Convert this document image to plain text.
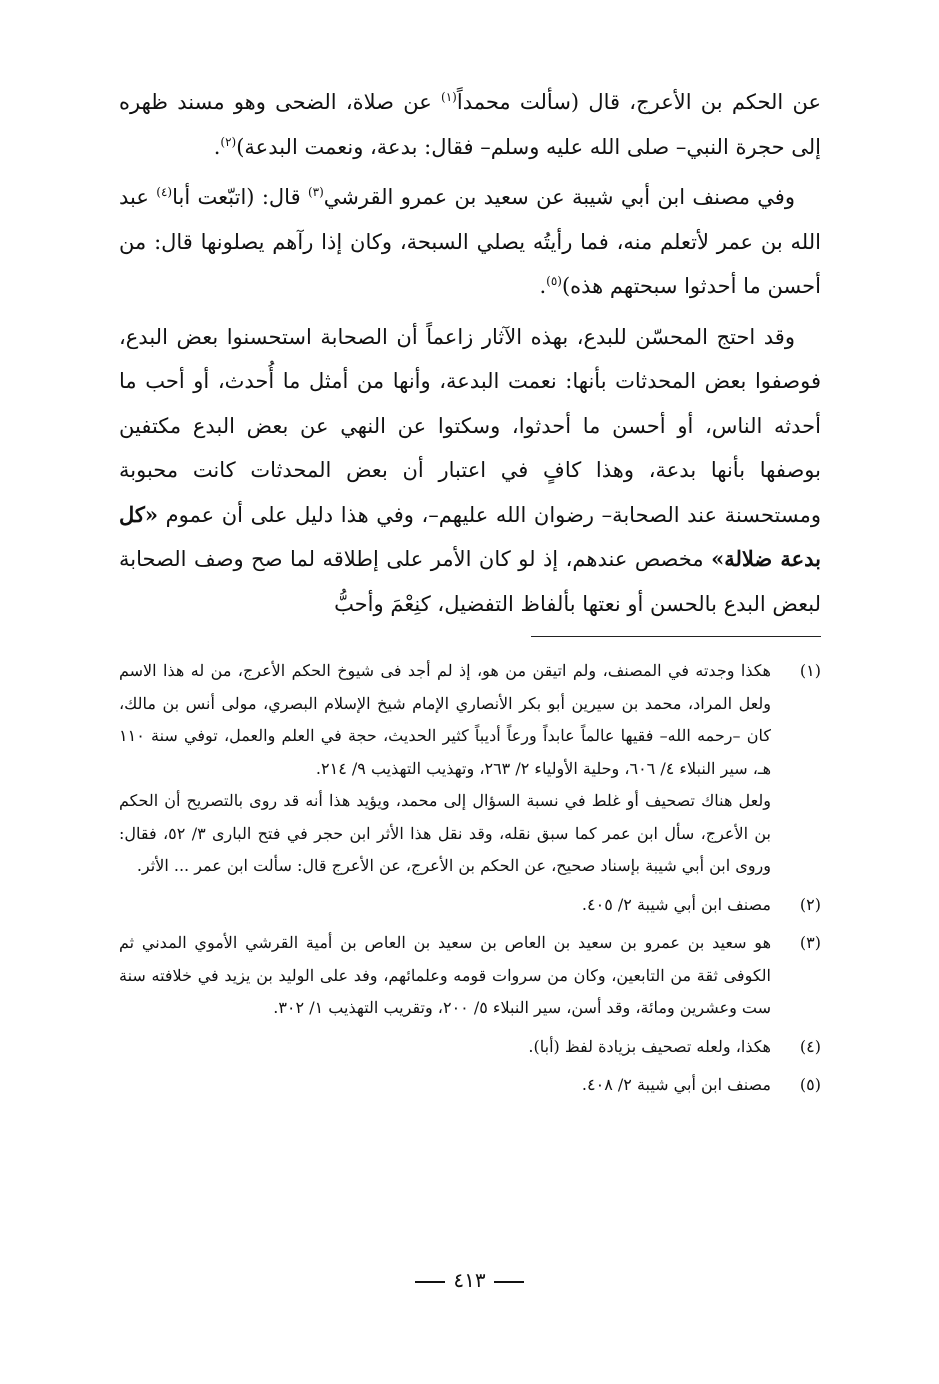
عن الحكم بن الأعرج، قال (سألت محمداً$^{(١)}$ عن صلاة، الضحى وهو مسند ظهره إلى حجرة النبي– صلى الله عليه وسلم– فقال: بدعة، ونعمت البدعة)$^{(٢)}$.

وفي مصنف ابن أبي شيبة عن سعيد بن عمرو القرشي$^{(٣)}$ قال: (اتبّعت أبا$^{(٤)}$ عبد الله بن عمر لأتعلم منه، فما رأيتُه يصلي السبحة، وكان إذا رآهم يصلونها قال: من أحسن ما أحدثوا سبحتهم هذه)$^{(٥)}$.

وقد احتج المحسّن للبدع، بهذه الآثار زاعماً أن الصحابة استحسنوا بعض البدع، فوصفوا بعض المحدثات بأنها: نعمت البدعة، وأنها من أمثل ما أُحدث، أو أحب ما أحدثه الناس، أو أحسن ما أحدثوا، وسكتوا عن النهي عن بعض البدع مكتفين بوصفها بأنها بدعة، وهذا كافٍ في اعتبار أن بعض المحدثات كانت محبوبة ومستحسنة عند الصحابة– رضوان الله عليهم–، وفي هذا دليل على أن عموم «كل بدعة ضلالة» مخصص عندهم، إذ لو كان الأمر على إطلاقه لما صح وصف الصحابة لبعض البدع بالحسن أو نعتها بألفاظ التفضيل، كنِعْمَ وأحبُّ

(١)

هكذا وجدته في المصنف، ولم اتيقن من هو، إذ لم أجد فى شيوخ الحكم الأعرج، من له هذا الاسم ولعل المراد، محمد بن سيرين أبو بكر الأنصاري الإمام شيخ الإسلام البصري، مولى أنس بن مالك، كان –رحمه الله– فقيها عالماً عابداً ورعاً أديباً كثير الحديث، حجة في العلم والعمل، توفي سنة ١١٠ هـ، سير النبلاء ٤/ ٦٠٦، وحلية الأولياء ٢/ ٢٦٣، وتهذيب التهذيب ٩/ ٢١٤.

ولعل هناك تصحيف أو غلط في نسبة السؤال إلى محمد، ويؤيد هذا أنه قد روى بالتصريح أن الحكم بن الأعرج، سأل ابن عمر كما سبق نقله، وقد نقل هذا الأثر ابن حجر في فتح البارى ٣/ ٥٢، فقال: وروى ابن أبي شيبة بإسناد صحيح، عن الحكم بن الأعرج، عن الأعرج قال: سألت ابن عمر ... الأثر.

(٢)

مصنف ابن أبي شيبة ٢/ ٤٠٥.

(٣)

هو سعيد بن عمرو بن سعيد بن العاص بن سعيد بن العاص بن أمية القرشي الأموي المدني ثم الكوفى ثقة من التابعين، وكان من سروات قومه وعلمائهم، وفد على الوليد بن يزيد في خلافته سنة ست وعشرين ومائة، وقد أسن، سير النبلاء ٥/ ٢٠٠، وتقريب التهذيب ١/ ٣٠٢.

(٤)

هكذا، ولعله تصحيف بزيادة لفظ (أبا).

(٥)

مصنف ابن أبي شيبة ٢/ ٤٠٨.

٤١٣
